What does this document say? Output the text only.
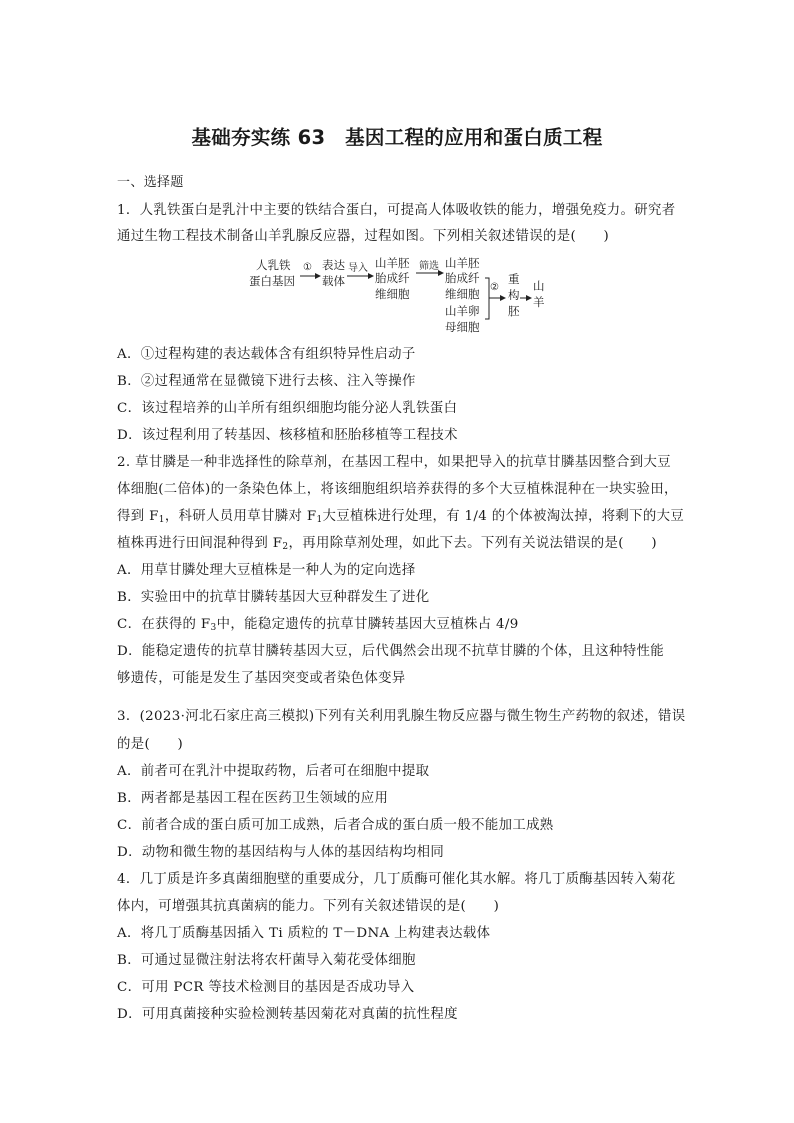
基础夯实练 63　基因工程的应用和蛋白质工程
一、选择题
1．人乳铁蛋白是乳汁中主要的铁结合蛋白，可提高人体吸收铁的能力，增强免疫力。研究者
通过生物工程技术制备山羊乳腺反应器，过程如图。下列相关叙述错误的是(　　)
人乳铁
蛋白基因
① 表达
载体
导入 山羊胚
胎成纤
维细胞
筛选 山羊胚
胎成纤
维细胞
山羊卵
母细胞
②
重
构
胚
山
羊
A．①过程构建的表达载体含有组织特异性启动子
B．②过程通常在显微镜下进行去核、注入等操作
C．该过程培养的山羊所有组织细胞均能分泌人乳铁蛋白
D．该过程利用了转基因、核移植和胚胎移植等工程技术
2. 草甘膦是一种非选择性的除草剂，在基因工程中，如果把导入的抗草甘膦基因整合到大豆
体细胞(二倍体)的一条染色体上，将该细胞组织培养获得的多个大豆植株混种在一块实验田，
得到 $F_1$，科研人员用草甘膦对 $F_1$大豆植株进行处理，有 1/4 的个体被淘汰掉，将剩下的大豆
植株再进行田间混种得到 $F_2$，再用除草剂处理，如此下去。下列有关说法错误的是(　　)
A．用草甘膦处理大豆植株是一种人为的定向选择
B．实验田中的抗草甘膦转基因大豆种群发生了进化
C．在获得的 $F_3$中，能稳定遗传的抗草甘膦转基因大豆植株占 4/9
D．能稳定遗传的抗草甘膦转基因大豆，后代偶然会出现不抗草甘膦的个体，且这种特性能
够遗传，可能是发生了基因突变或者染色体变异
3．(2023·河北石家庄高三模拟)下列有关利用乳腺生物反应器与微生物生产药物的叙述，错误
的是(　　)
A．前者可在乳汁中提取药物，后者可在细胞中提取
B．两者都是基因工程在医药卫生领域的应用
C．前者合成的蛋白质可加工成熟，后者合成的蛋白质一般不能加工成熟
D．动物和微生物的基因结构与人体的基因结构均相同
4．几丁质是许多真菌细胞壁的重要成分，几丁质酶可催化其水解。将几丁质酶基因转入菊花
体内，可增强其抗真菌病的能力。下列有关叙述错误的是(　　)
A．将几丁质酶基因插入 Ti 质粒的 T－DNA 上构建表达载体
B．可通过显微注射法将农杆菌导入菊花受体细胞
C．可用 PCR 等技术检测目的基因是否成功导入
D．可用真菌接种实验检测转基因菊花对真菌的抗性程度
